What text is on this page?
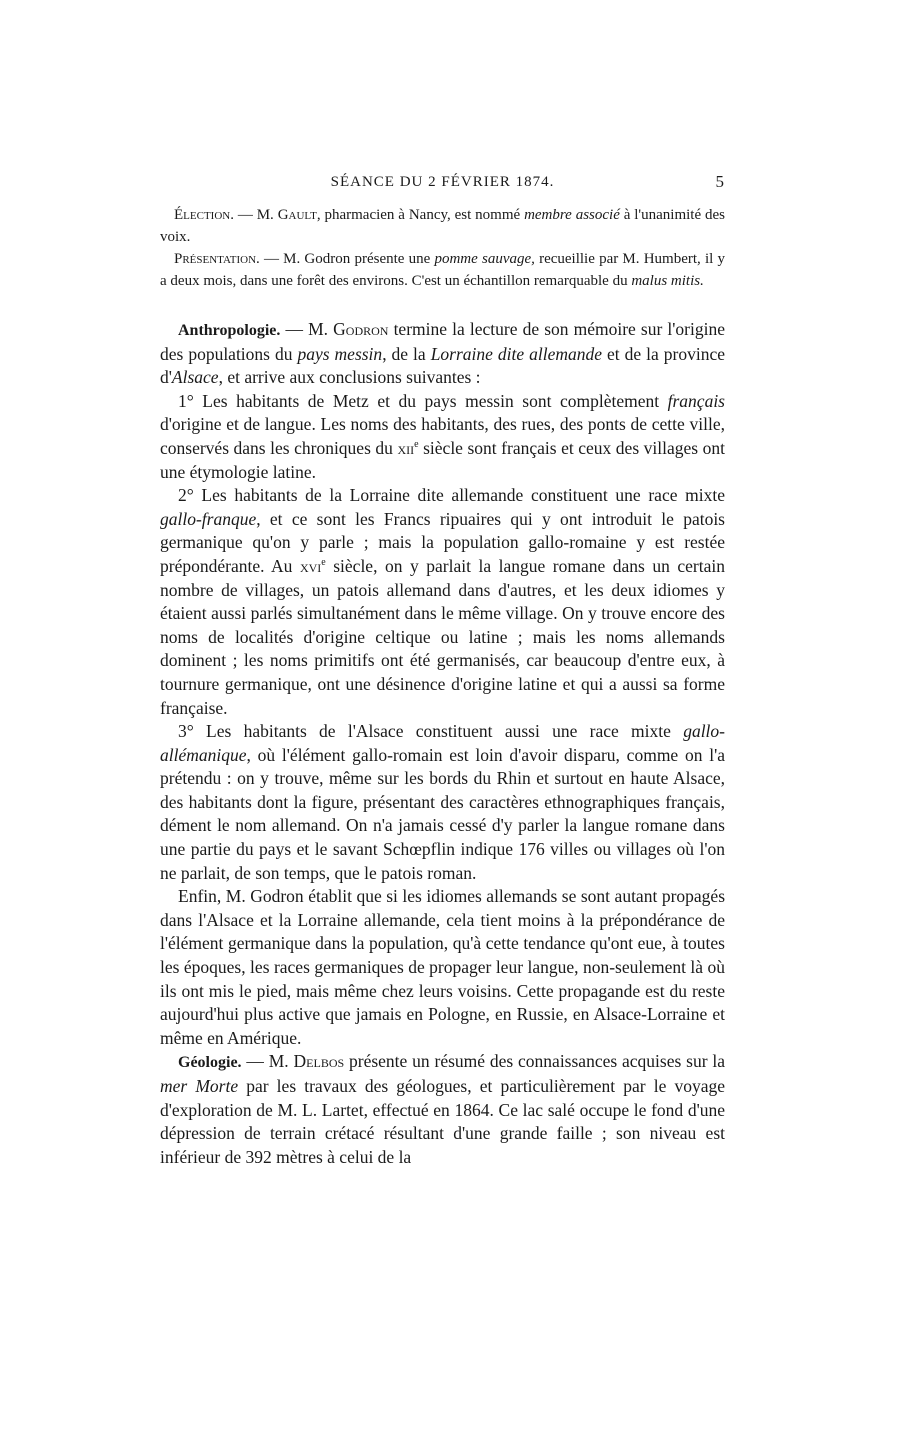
SÉANCE DU 2 FÉVRIER 1874.	5

Élection. — M. Gault, pharmacien à Nancy, est nommé membre associé à l'unanimité des voix.

Présentation. — M. Godron présente une pomme sauvage, recueillie par M. Humbert, il y a deux mois, dans une forêt des environs. C'est un échantillon remarquable du malus mitis.

Anthropologie. — M. Godron termine la lecture de son mémoire sur l'origine des populations du pays messin, de la Lorraine dite allemande et de la province d'Alsace, et arrive aux conclusions suivantes :

1° Les habitants de Metz et du pays messin sont complètement français d'origine et de langue. Les noms des habitants, des rues, des ponts de cette ville, conservés dans les chroniques du xii$^e$ siècle sont français et ceux des villages ont une étymologie latine.

2° Les habitants de la Lorraine dite allemande constituent une race mixte gallo-franque, et ce sont les Francs ripuaires qui y ont introduit le patois germanique qu'on y parle ; mais la population gallo-romaine y est restée prépondérante. Au xvi$^e$ siècle, on y parlait la langue romane dans un certain nombre de villages, un patois allemand dans d'autres, et les deux idiomes y étaient aussi parlés simultanément dans le même village. On y trouve encore des noms de localités d'origine celtique ou latine ; mais les noms allemands dominent ; les noms primitifs ont été germanisés, car beaucoup d'entre eux, à tournure germanique, ont une désinence d'origine latine et qui a aussi sa forme française.

3° Les habitants de l'Alsace constituent aussi une race mixte gallo-allémanique, où l'élément gallo-romain est loin d'avoir disparu, comme on l'a prétendu : on y trouve, même sur les bords du Rhin et surtout en haute Alsace, des habitants dont la figure, présentant des caractères ethnographiques français, dément le nom allemand. On n'a jamais cessé d'y parler la langue romane dans une partie du pays et le savant Schœpflin indique 176 villes ou villages où l'on ne parlait, de son temps, que le patois roman.

Enfin, M. Godron établit que si les idiomes allemands se sont autant propagés dans l'Alsace et la Lorraine allemande, cela tient moins à la prépondérance de l'élément germanique dans la population, qu'à cette tendance qu'ont eue, à toutes les époques, les races germaniques de propager leur langue, non-seulement là où ils ont mis le pied, mais même chez leurs voisins. Cette propagande est du reste aujourd'hui plus active que jamais en Pologne, en Russie, en Alsace-Lorraine et même en Amérique.

Géologie. — M. Delbos présente un résumé des connaissances acquises sur la mer Morte par les travaux des géologues, et particulièrement par le voyage d'exploration de M. L. Lartet, effectué en 1864. Ce lac salé occupe le fond d'une dépression de terrain crétacé résultant d'une grande faille ; son niveau est inférieur de 392 mètres à celui de la
